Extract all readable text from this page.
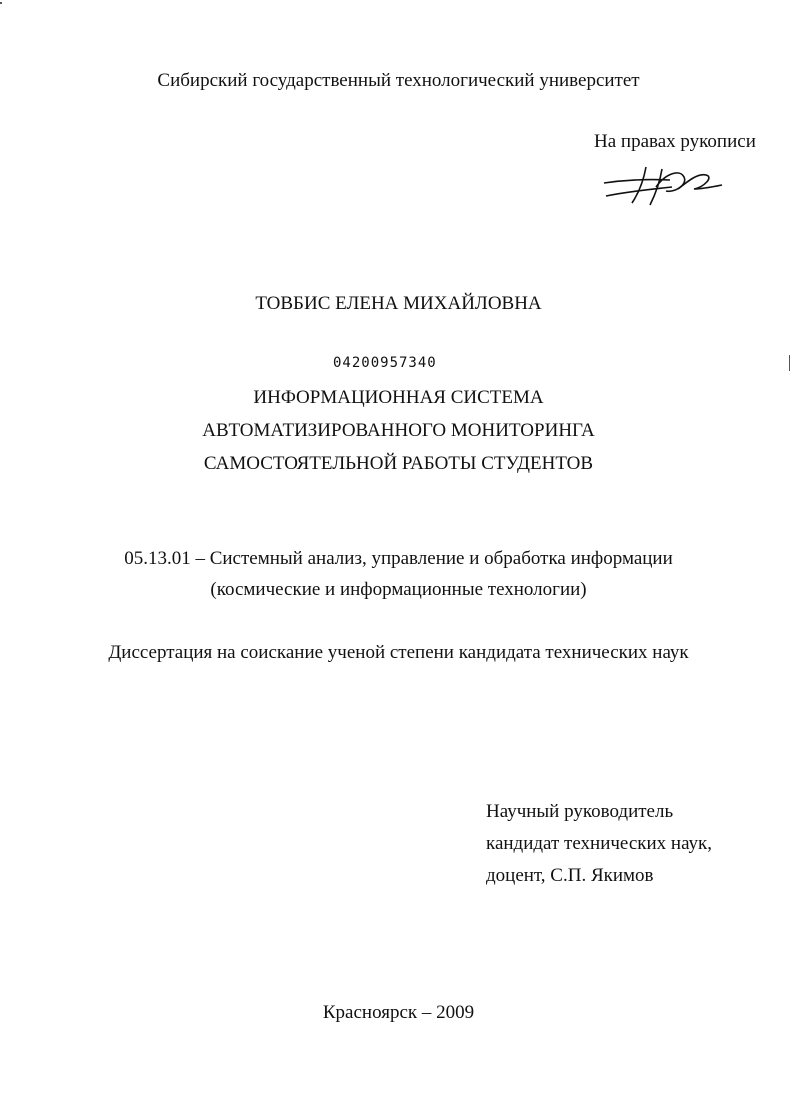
Сибирский государственный технологический университет
На правах рукописи
ТОВБИС ЕЛЕНА МИХАЙЛОВНА
04200957340
ИНФОРМАЦИОННАЯ СИСТЕМА
АВТОМАТИЗИРОВАННОГО МОНИТОРИНГА
САМОСТОЯТЕЛЬНОЙ РАБОТЫ СТУДЕНТОВ
05.13.01 – Системный анализ, управление и обработка информации
(космические и информационные технологии)
Диссертация на соискание ученой степени кандидата технических наук
Научный руководитель
кандидат технических наук,
доцент, С.П. Якимов
Красноярск – 2009
